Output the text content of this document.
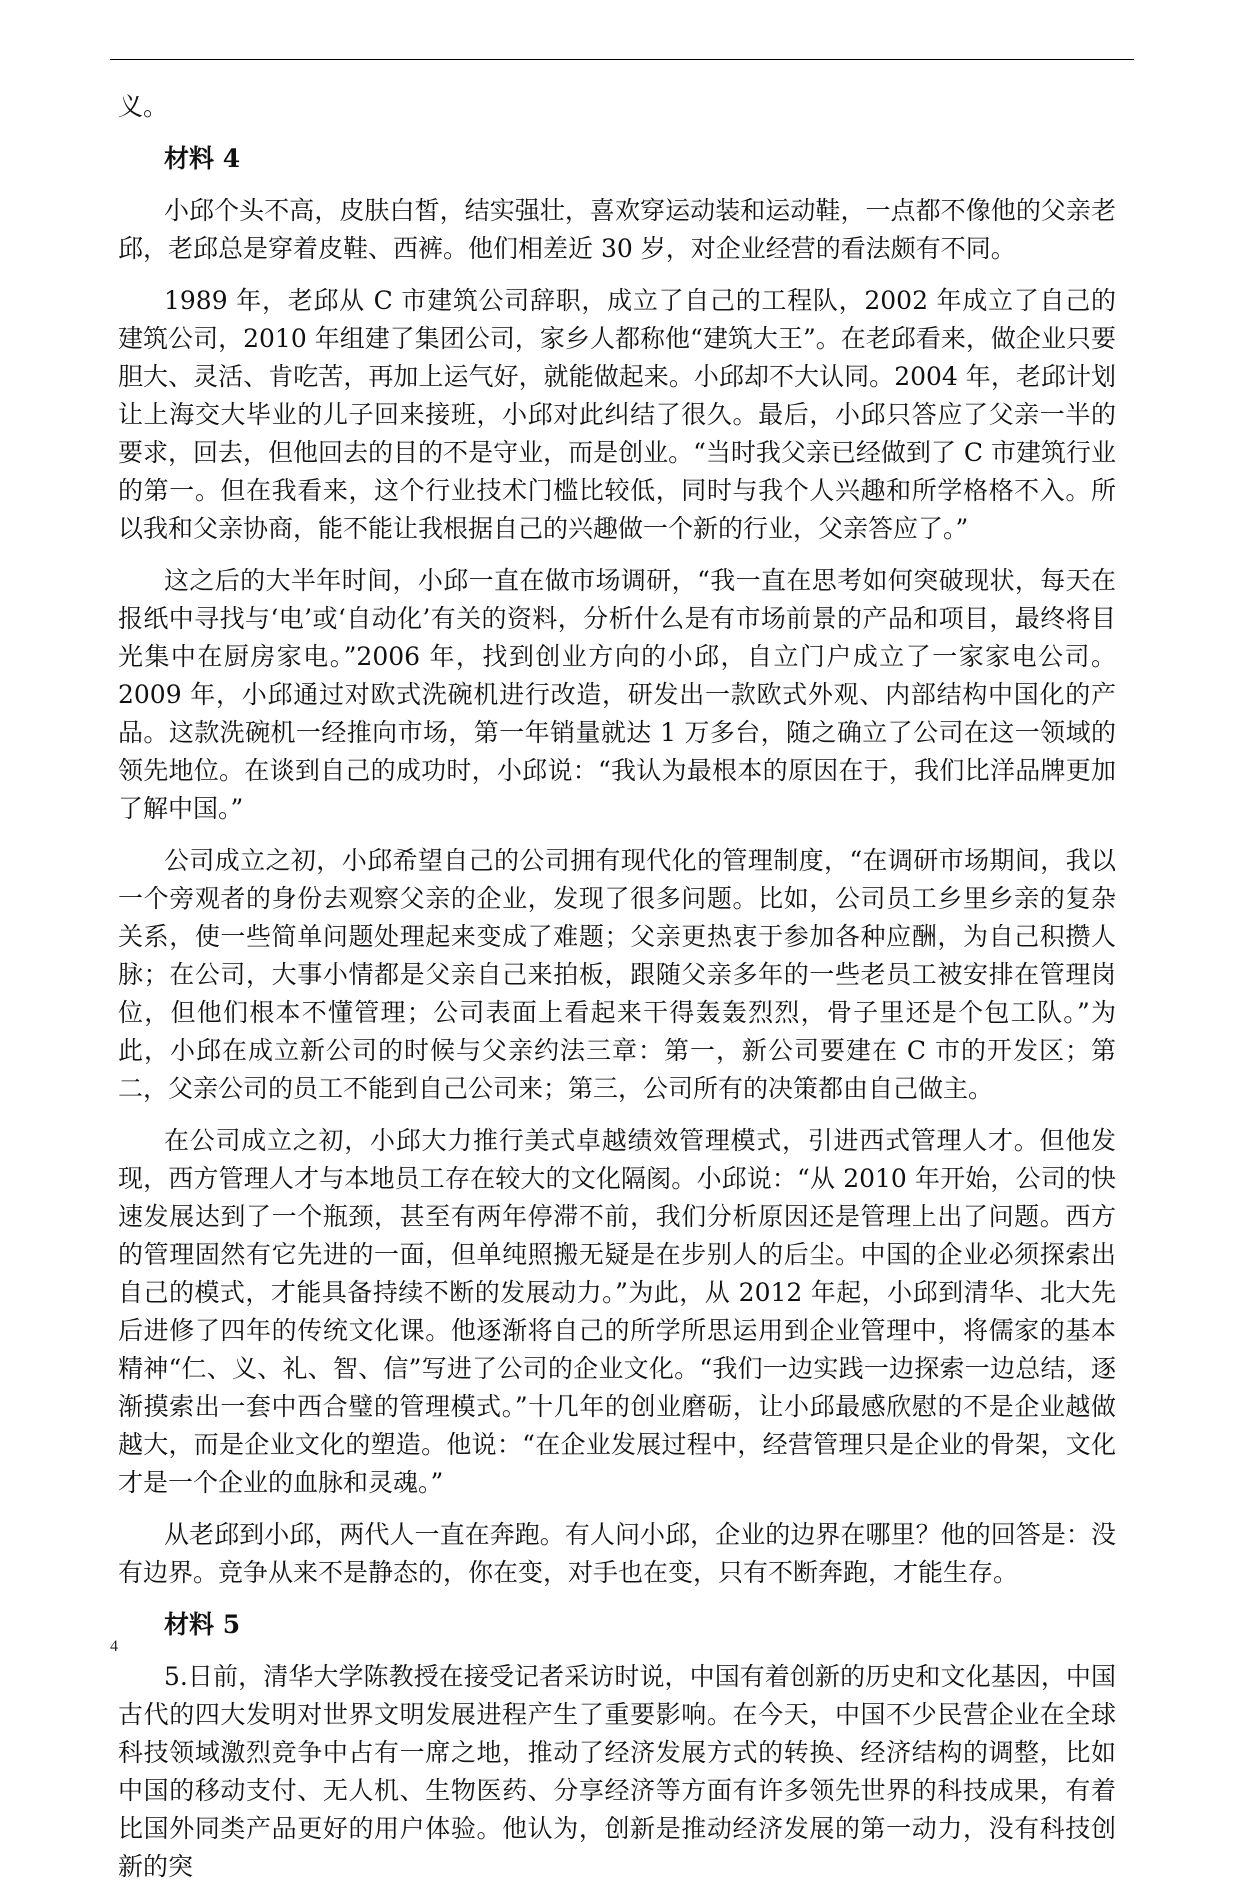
义。

材料 4

小邱个头不高，皮肤白皙，结实强壮，喜欢穿运动装和运动鞋，一点都不像他的父亲老邱，老邱总是穿着皮鞋、西裤。他们相差近 30 岁，对企业经营的看法颇有不同。

1989 年，老邱从 C 市建筑公司辞职，成立了自己的工程队，2002 年成立了自己的建筑公司，2010 年组建了集团公司，家乡人都称他“建筑大王”。在老邱看来，做企业只要胆大、灵活、肯吃苦，再加上运气好，就能做起来。小邱却不大认同。2004 年，老邱计划让上海交大毕业的儿子回来接班，小邱对此纠结了很久。最后，小邱只答应了父亲一半的要求，回去，但他回去的目的不是守业，而是创业。“当时我父亲已经做到了 C 市建筑行业的第一。但在我看来，这个行业技术门槛比较低，同时与我个人兴趣和所学格格不入。所以我和父亲协商，能不能让我根据自己的兴趣做一个新的行业，父亲答应了。”

这之后的大半年时间，小邱一直在做市场调研，“我一直在思考如何突破现状，每天在报纸中寻找与‘电’或‘自动化’有关的资料，分析什么是有市场前景的产品和项目，最终将目光集中在厨房家电。”2006 年，找到创业方向的小邱，自立门户成立了一家家电公司。2009 年，小邱通过对欧式洗碗机进行改造，研发出一款欧式外观、内部结构中国化的产品。这款洗碗机一经推向市场，第一年销量就达 1 万多台，随之确立了公司在这一领域的领先地位。在谈到自己的成功时，小邱说：“我认为最根本的原因在于，我们比洋品牌更加了解中国。”

公司成立之初，小邱希望自己的公司拥有现代化的管理制度，“在调研市场期间，我以一个旁观者的身份去观察父亲的企业，发现了很多问题。比如，公司员工乡里乡亲的复杂关系，使一些简单问题处理起来变成了难题；父亲更热衷于参加各种应酬，为自己积攒人脉；在公司，大事小情都是父亲自己来拍板，跟随父亲多年的一些老员工被安排在管理岗位，但他们根本不懂管理；公司表面上看起来干得轰轰烈烈，骨子里还是个包工队。”为此，小邱在成立新公司的时候与父亲约法三章：第一，新公司要建在 C 市的开发区；第二，父亲公司的员工不能到自己公司来；第三，公司所有的决策都由自己做主。

在公司成立之初，小邱大力推行美式卓越绩效管理模式，引进西式管理人才。但他发现，西方管理人才与本地员工存在较大的文化隔阂。小邱说：“从 2010 年开始，公司的快速发展达到了一个瓶颈，甚至有两年停滞不前，我们分析原因还是管理上出了问题。西方的管理固然有它先进的一面，但单纯照搬无疑是在步别人的后尘。中国的企业必须探索出自己的模式，才能具备持续不断的发展动力。”为此，从 2012 年起，小邱到清华、北大先后进修了四年的传统文化课。他逐渐将自己的所学所思运用到企业管理中，将儒家的基本精神“仁、义、礼、智、信”写进了公司的企业文化。“我们一边实践一边探索一边总结，逐渐摸索出一套中西合璧的管理模式。”十几年的创业磨砺，让小邱最感欣慰的不是企业越做越大，而是企业文化的塑造。他说：“在企业发展过程中，经营管理只是企业的骨架，文化才是一个企业的血脉和灵魂。”

从老邱到小邱，两代人一直在奔跑。有人问小邱，企业的边界在哪里？他的回答是：没有边界。竞争从来不是静态的，你在变，对手也在变，只有不断奔跑，才能生存。

材料 5

5.日前，清华大学陈教授在接受记者采访时说，中国有着创新的历史和文化基因，中国古代的四大发明对世界文明发展进程产生了重要影响。在今天，中国不少民营企业在全球科技领域激烈竞争中占有一席之地，推动了经济发展方式的转换、经济结构的调整，比如中国的移动支付、无人机、生物医药、分享经济等方面有许多领先世界的科技成果，有着比国外同类产品更好的用户体验。他认为，创新是推动经济发展的第一动力，没有科技创新的突

4
